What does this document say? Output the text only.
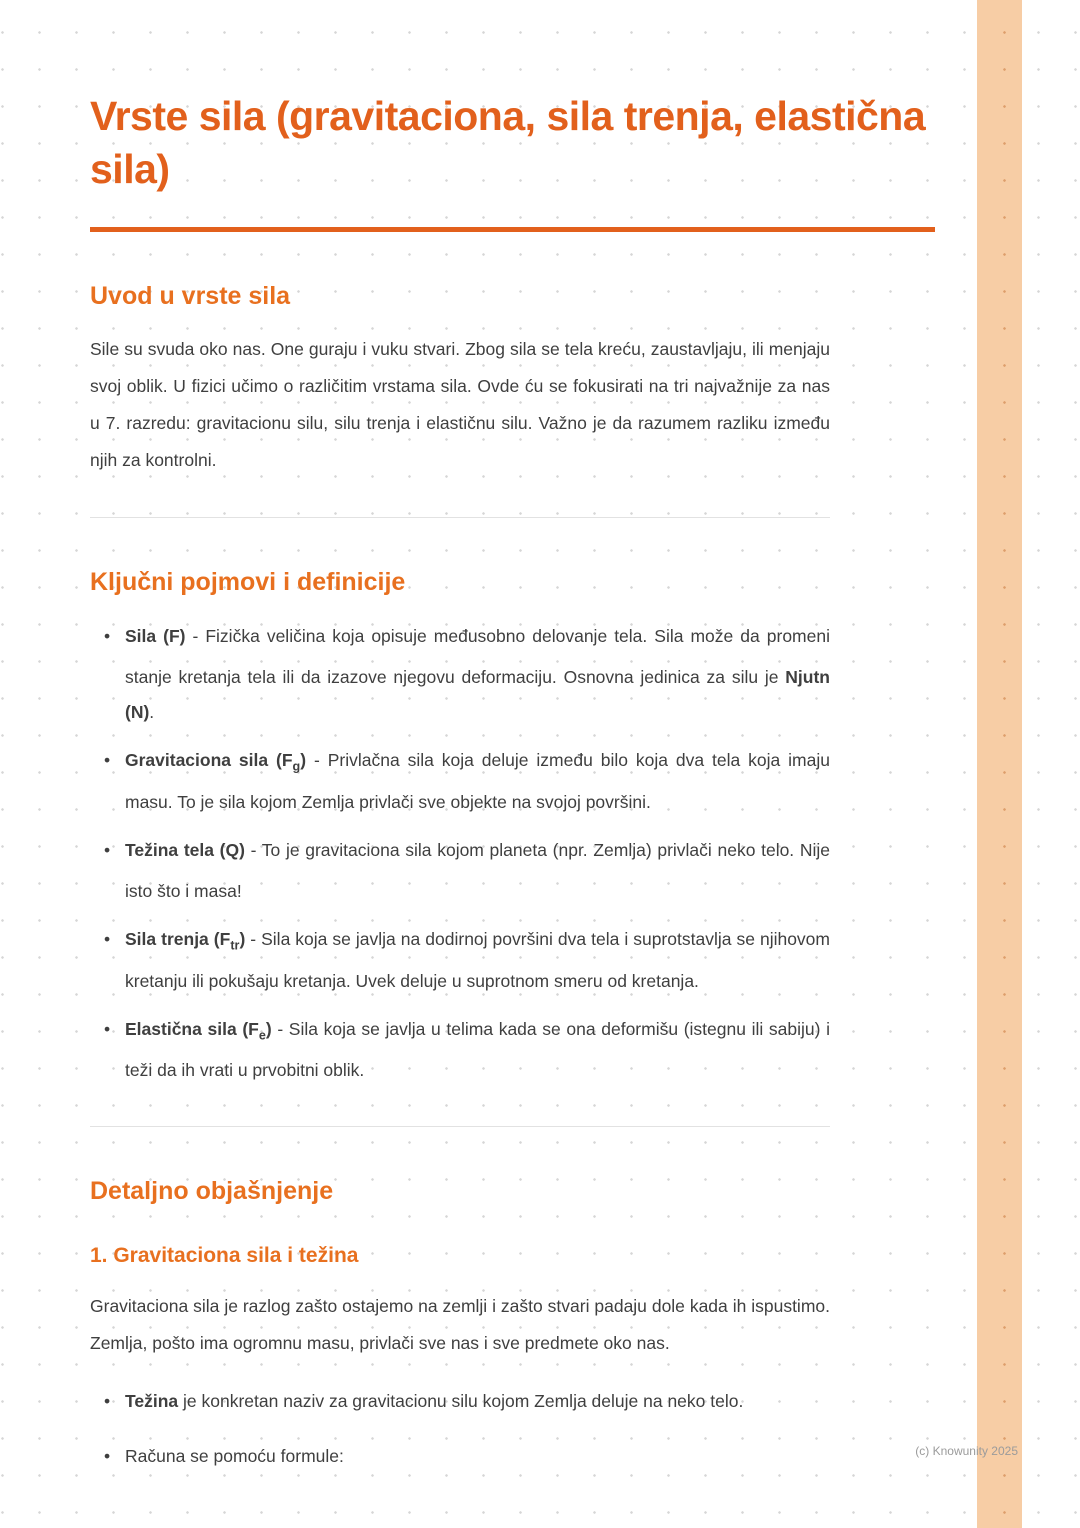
Vrste sila (gravitaciona, sila trenja, elastična sila)
Uvod u vrste sila

Sile su svuda oko nas. One guraju i vuku stvari. Zbog sila se tela kreću, zaustavljaju, ili menjaju svoj oblik. U fizici učimo o različitim vrstama sila. Ovde ću se fokusirati na tri najvažnije za nas u 7. razredu: gravitacionu silu, silu trenja i elastičnu silu. Važno je da razumem razliku između njih za kontrolni.

Ključni pojmovi i definicije
• Sila (F) - Fizička veličina koja opisuje međusobno delovanje tela. Sila može da promeni stanje kretanja tela ili da izazove njegovu deformaciju. Osnovna jedinica za silu je Njutn (N).
• Gravitaciona sila $(F_g)$ - Privlačna sila koja deluje između bilo koja dva tela koja imaju masu. To je sila kojom Zemlja privlači sve objekte na svojoj površini.
• Težina tela (Q) - To je gravitaciona sila kojom planeta (npr. Zemlja) privlači neko telo. Nije isto što i masa!
• Sila trenja $(F_{tr})$ - Sila koja se javlja na dodirnoj površini dva tela i suprotstavlja se njihovom kretanju ili pokušaju kretanja. Uvek deluje u suprotnom smeru od kretanja.
• Elastična sila $(F_e)$ - Sila koja se javlja u telima kada se ona deformišu (istegnu ili sabiju) i teži da ih vrati u prvobitni oblik.
Detaljno objašnjenje
1. Gravitaciona sila i težina

Gravitaciona sila je razlog zašto ostajemo na zemlji i zašto stvari padaju dole kada ih ispustimo. Zemlja, pošto ima ogromnu masu, privlači sve nas i sve predmete oko nas.

• Težina je konkretan naziv za gravitacionu silu kojom Zemlja deluje na neko telo.
• Računa se pomoću formule:	(c) Knowunity 2025
